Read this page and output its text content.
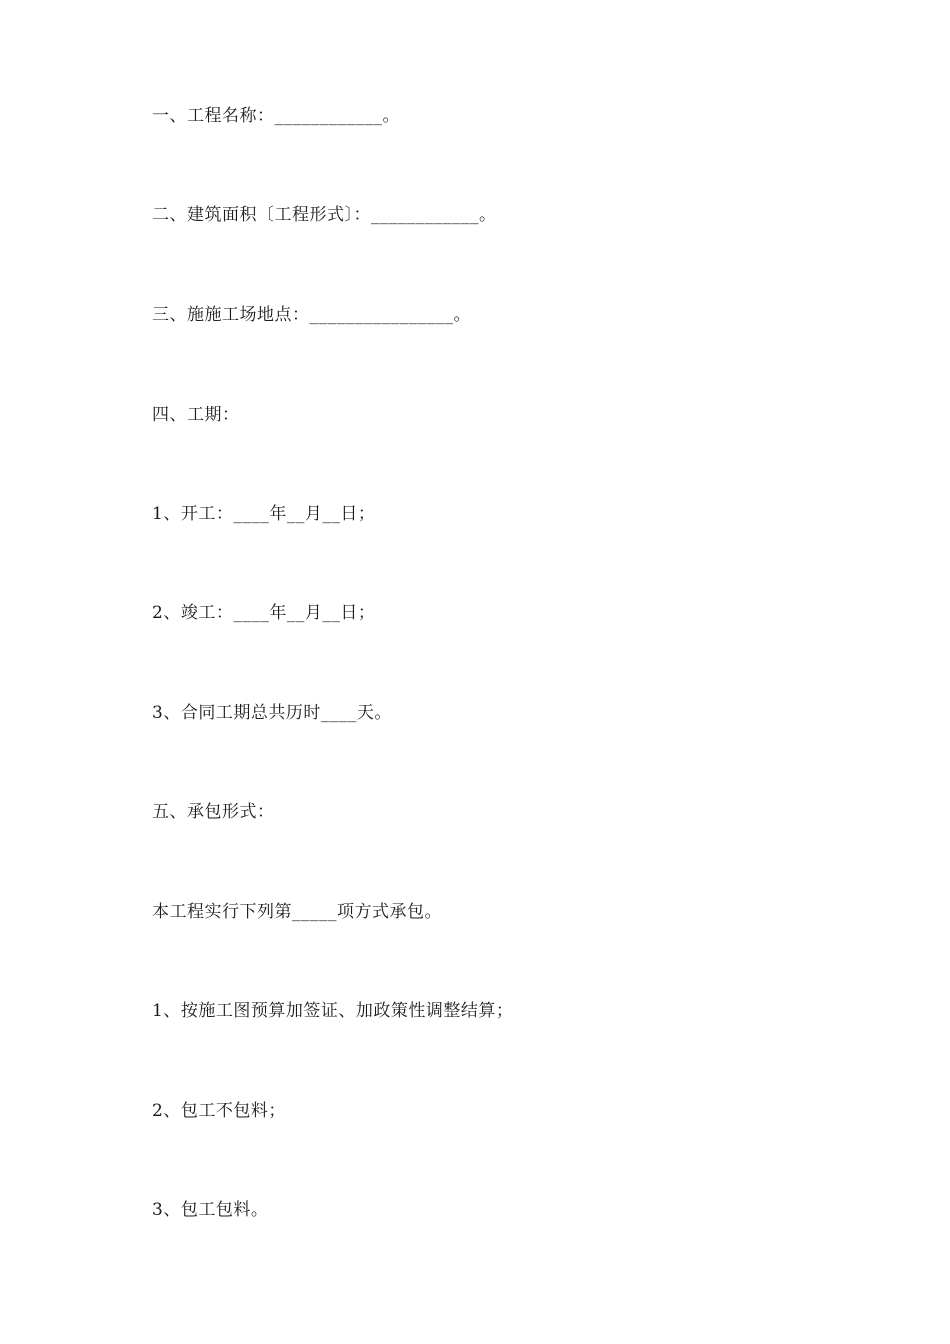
一、工程名称：____________。
二、建筑面积〔工程形式〕：____________。
三、施施工场地点：________________。
四、工期：
1、开工：____年__月__日；
2、竣工：____年__月__日；
3、合同工期总共历时____天。
五、承包形式：
本工程实行下列第_____项方式承包。
1、按施工图预算加签证、加政策性调整结算；
2、包工不包料；
3、包工包料。
